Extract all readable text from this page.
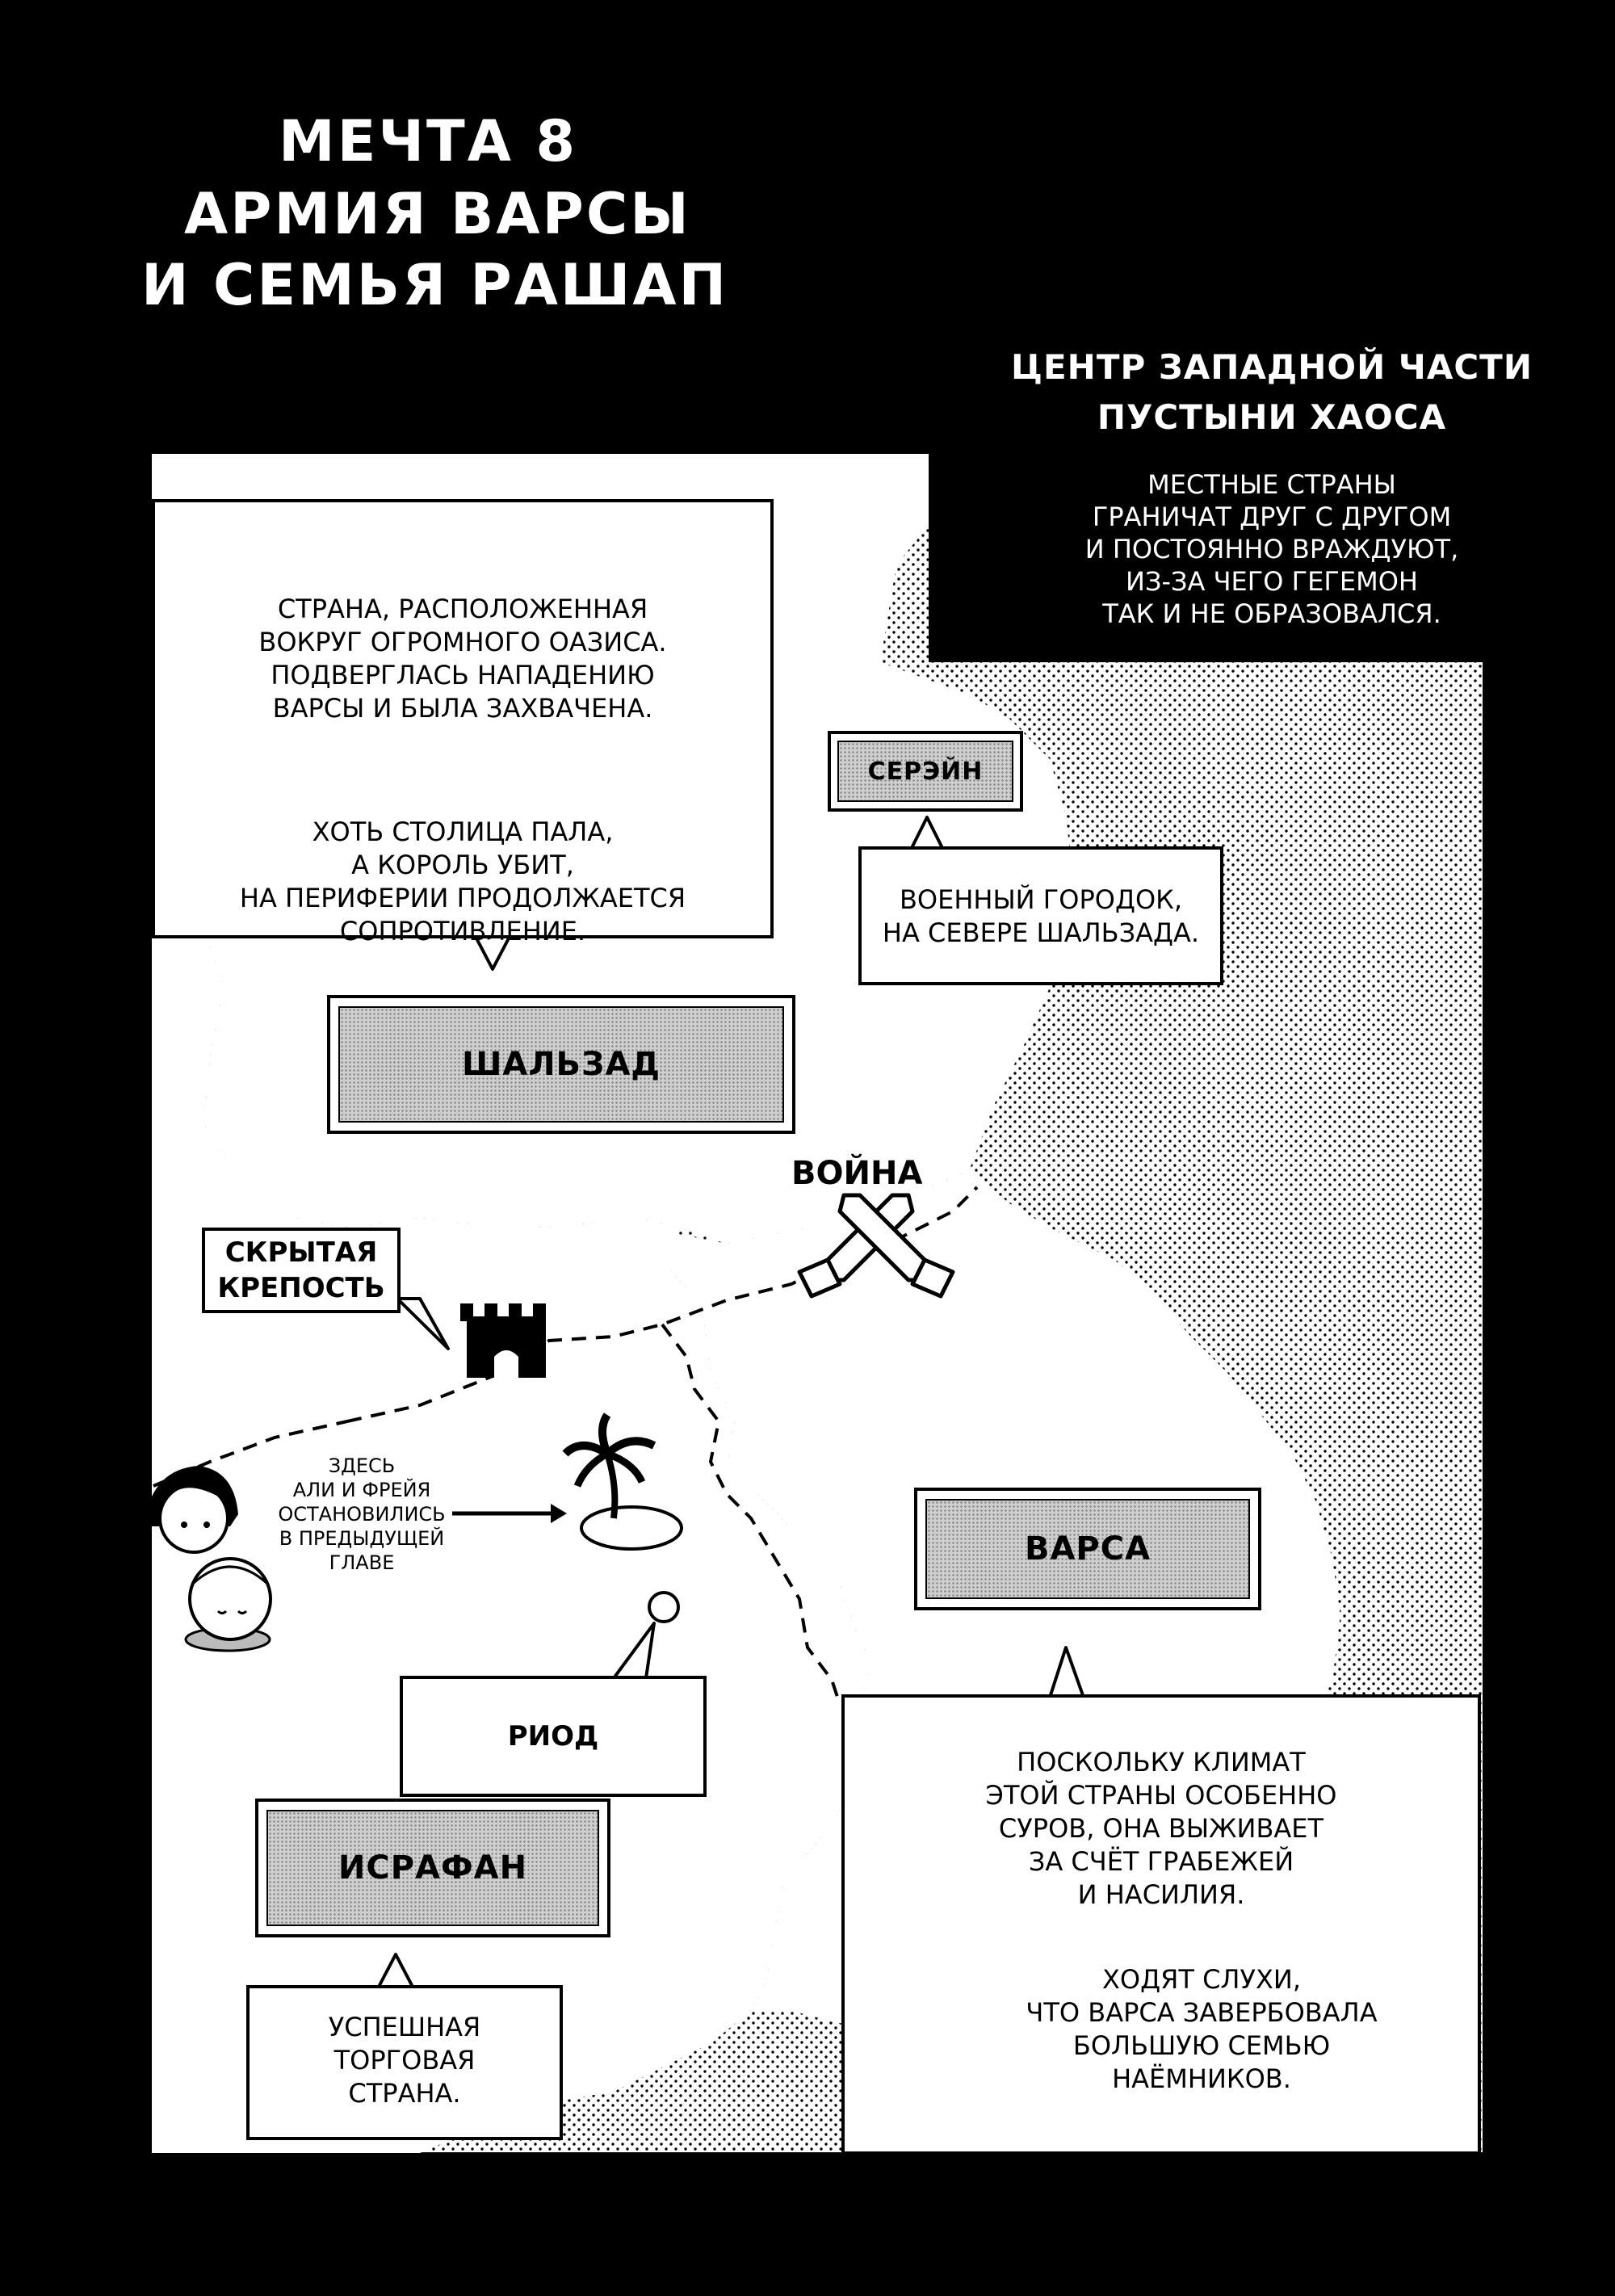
МЕЧТА 8
АРМИЯ ВАРСЫ
И СЕМЬЯ РАШАП
ЦЕНТР ЗАПАДНОЙ ЧАСТИ
ПУСТЫНИ ХАОСА
МЕСТНЫЕ СТРАНЫ
ГРАНИЧАТ ДРУГ С ДРУГОМ
И ПОСТОЯННО ВРАЖДУЮТ,
ИЗ-ЗА ЧЕГО ГЕГЕМОН
ТАК И НЕ ОБРАЗОВАЛСЯ.
СТРАНА, РАСПОЛОЖЕННАЯ
ВОКРУГ ОГРОМНОГО ОАЗИСА.
ПОДВЕРГЛАСЬ НАПАДЕНИЮ
ВАРСЫ И БЫЛА ЗАХВАЧЕНА.
ХОТЬ СТОЛИЦА ПАЛА,
А КОРОЛЬ УБИТ,
НА ПЕРИФЕРИИ ПРОДОЛЖАЕТСЯ
СОПРОТИВЛЕНИЕ.
ШАЛЬЗАД
СЕРЭЙН
ВОЕННЫЙ ГОРОДОК,
НА СЕВЕРЕ ШАЛЬЗАДА.
ВОЙНА
СКРЫТАЯ
КРЕПОСТЬ
ЗДЕСЬ
АЛИ И ФРЕЙЯ
ОСТАНОВИЛИСЬ
В ПРЕДЫДУЩЕЙ
ГЛАВЕ	ВАРСА
ПОСКОЛЬКУ КЛИМАТ
ЭТОЙ СТРАНЫ ОСОБЕННО
СУРОВ, ОНА ВЫЖИВАЕТ
ЗА СЧЁТ ГРАБЕЖЕЙ
И НАСИЛИЯ.
ХОДЯТ СЛУХИ,
ЧТО ВАРСА ЗАВЕРБОВАЛА
БОЛЬШУЮ СЕМЬЮ
НАЁМНИКОВ.
РИОД
ИСРАФАН
УСПЕШНАЯ
ТОРГОВАЯ
СТРАНА.
